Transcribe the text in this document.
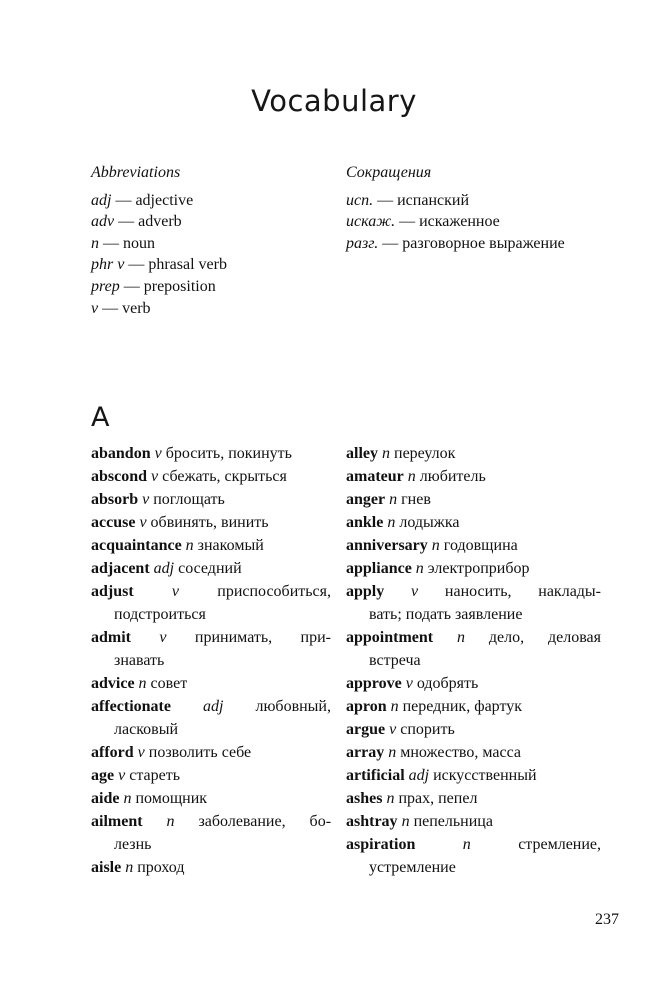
Vocabulary
Abbreviations
adj — adjective
adv — adverb
n — noun
phr v — phrasal verb
prep — preposition
v — verb
Сокращения
исп. — испанский
искаж. — искаженное
разг. — разговорное выражение
A
abandon v бросить, покинуть
abscond v сбежать, скрыться
absorb v поглощать
accuse v обвинять, винить
acquaintance n знакомый
adjacent adj соседний
adjust v приспособиться,
подстроиться
admit v принимать, при-
знавать
advice n совет
affectionate adj любовный,
ласковый
afford v позволить себе
age v стареть
aide n помощник
ailment n заболевание, бо-
лезнь
aisle n проход
alley n переулок
amateur n любитель
anger n гнев
ankle n лодыжка
anniversary n годовщина
appliance n электроприбор
apply v наносить, наклады-
вать; подать заявление
appointment n дело, деловая
встреча
approve v одобрять
apron n передник, фартук
argue v спорить
array n множество, масса
artificial adj искусственный
ashes n прах, пепел
ashtray n пепельница
aspiration	n	стремление,
устремление
237
